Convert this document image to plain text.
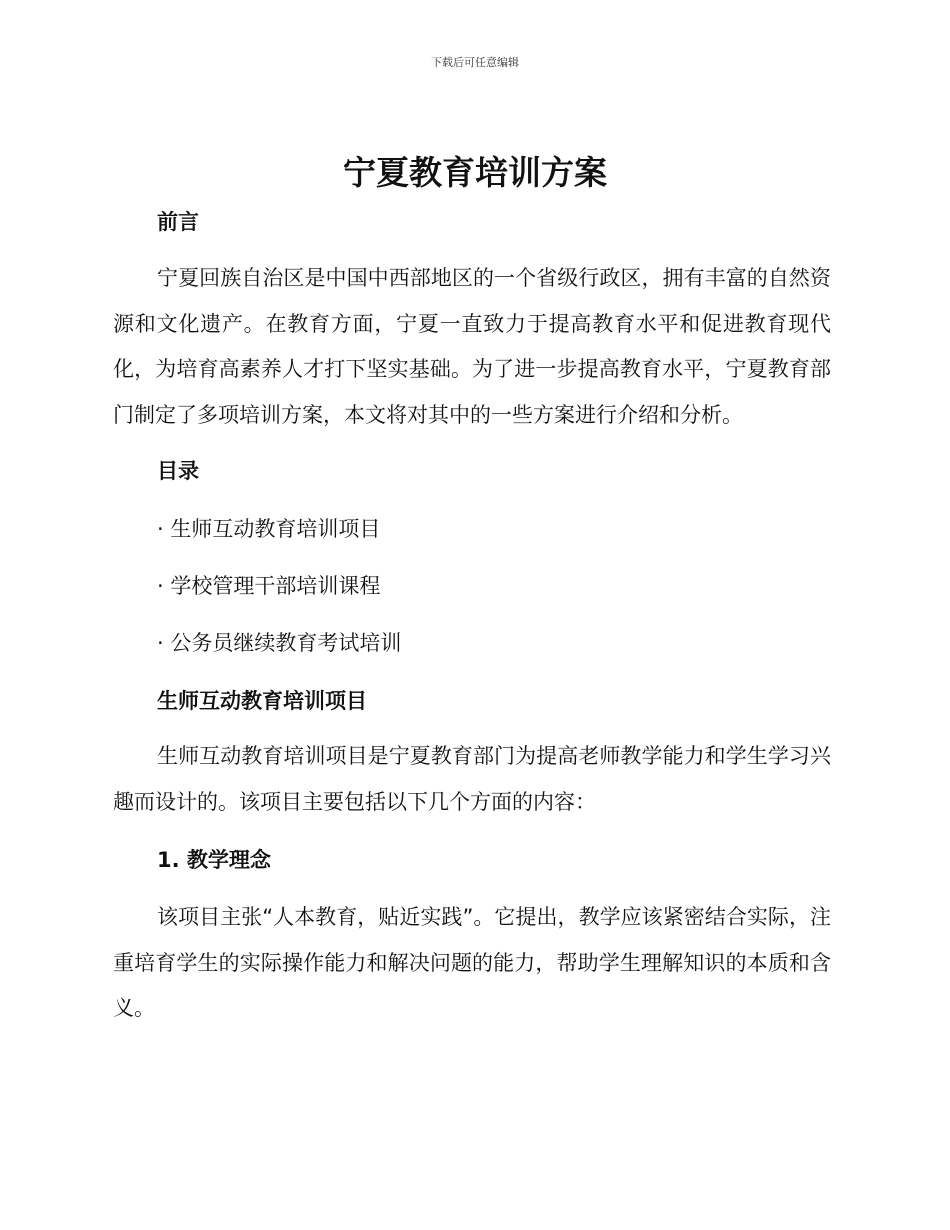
下载后可任意编辑
宁夏教育培训方案
前言

宁夏回族自治区是中国中西部地区的一个省级行政区，拥有丰富的自然资源和文化遗产。在教育方面，宁夏一直致力于提高教育水平和促进教育现代化，为培育高素养人才打下坚实基础。为了进一步提高教育水平，宁夏教育部门制定了多项培训方案，本文将对其中的一些方案进行介绍和分析。

目录

· 生师互动教育培训项目

· 学校管理干部培训课程

· 公务员继续教育考试培训

生师互动教育培训项目

生师互动教育培训项目是宁夏教育部门为提高老师教学能力和学生学习兴趣而设计的。该项目主要包括以下几个方面的内容：

1. 教学理念

该项目主张“人本教育，贴近实践”。它提出，教学应该紧密结合实际，注重培育学生的实际操作能力和解决问题的能力，帮助学生理解知识的本质和含义。
